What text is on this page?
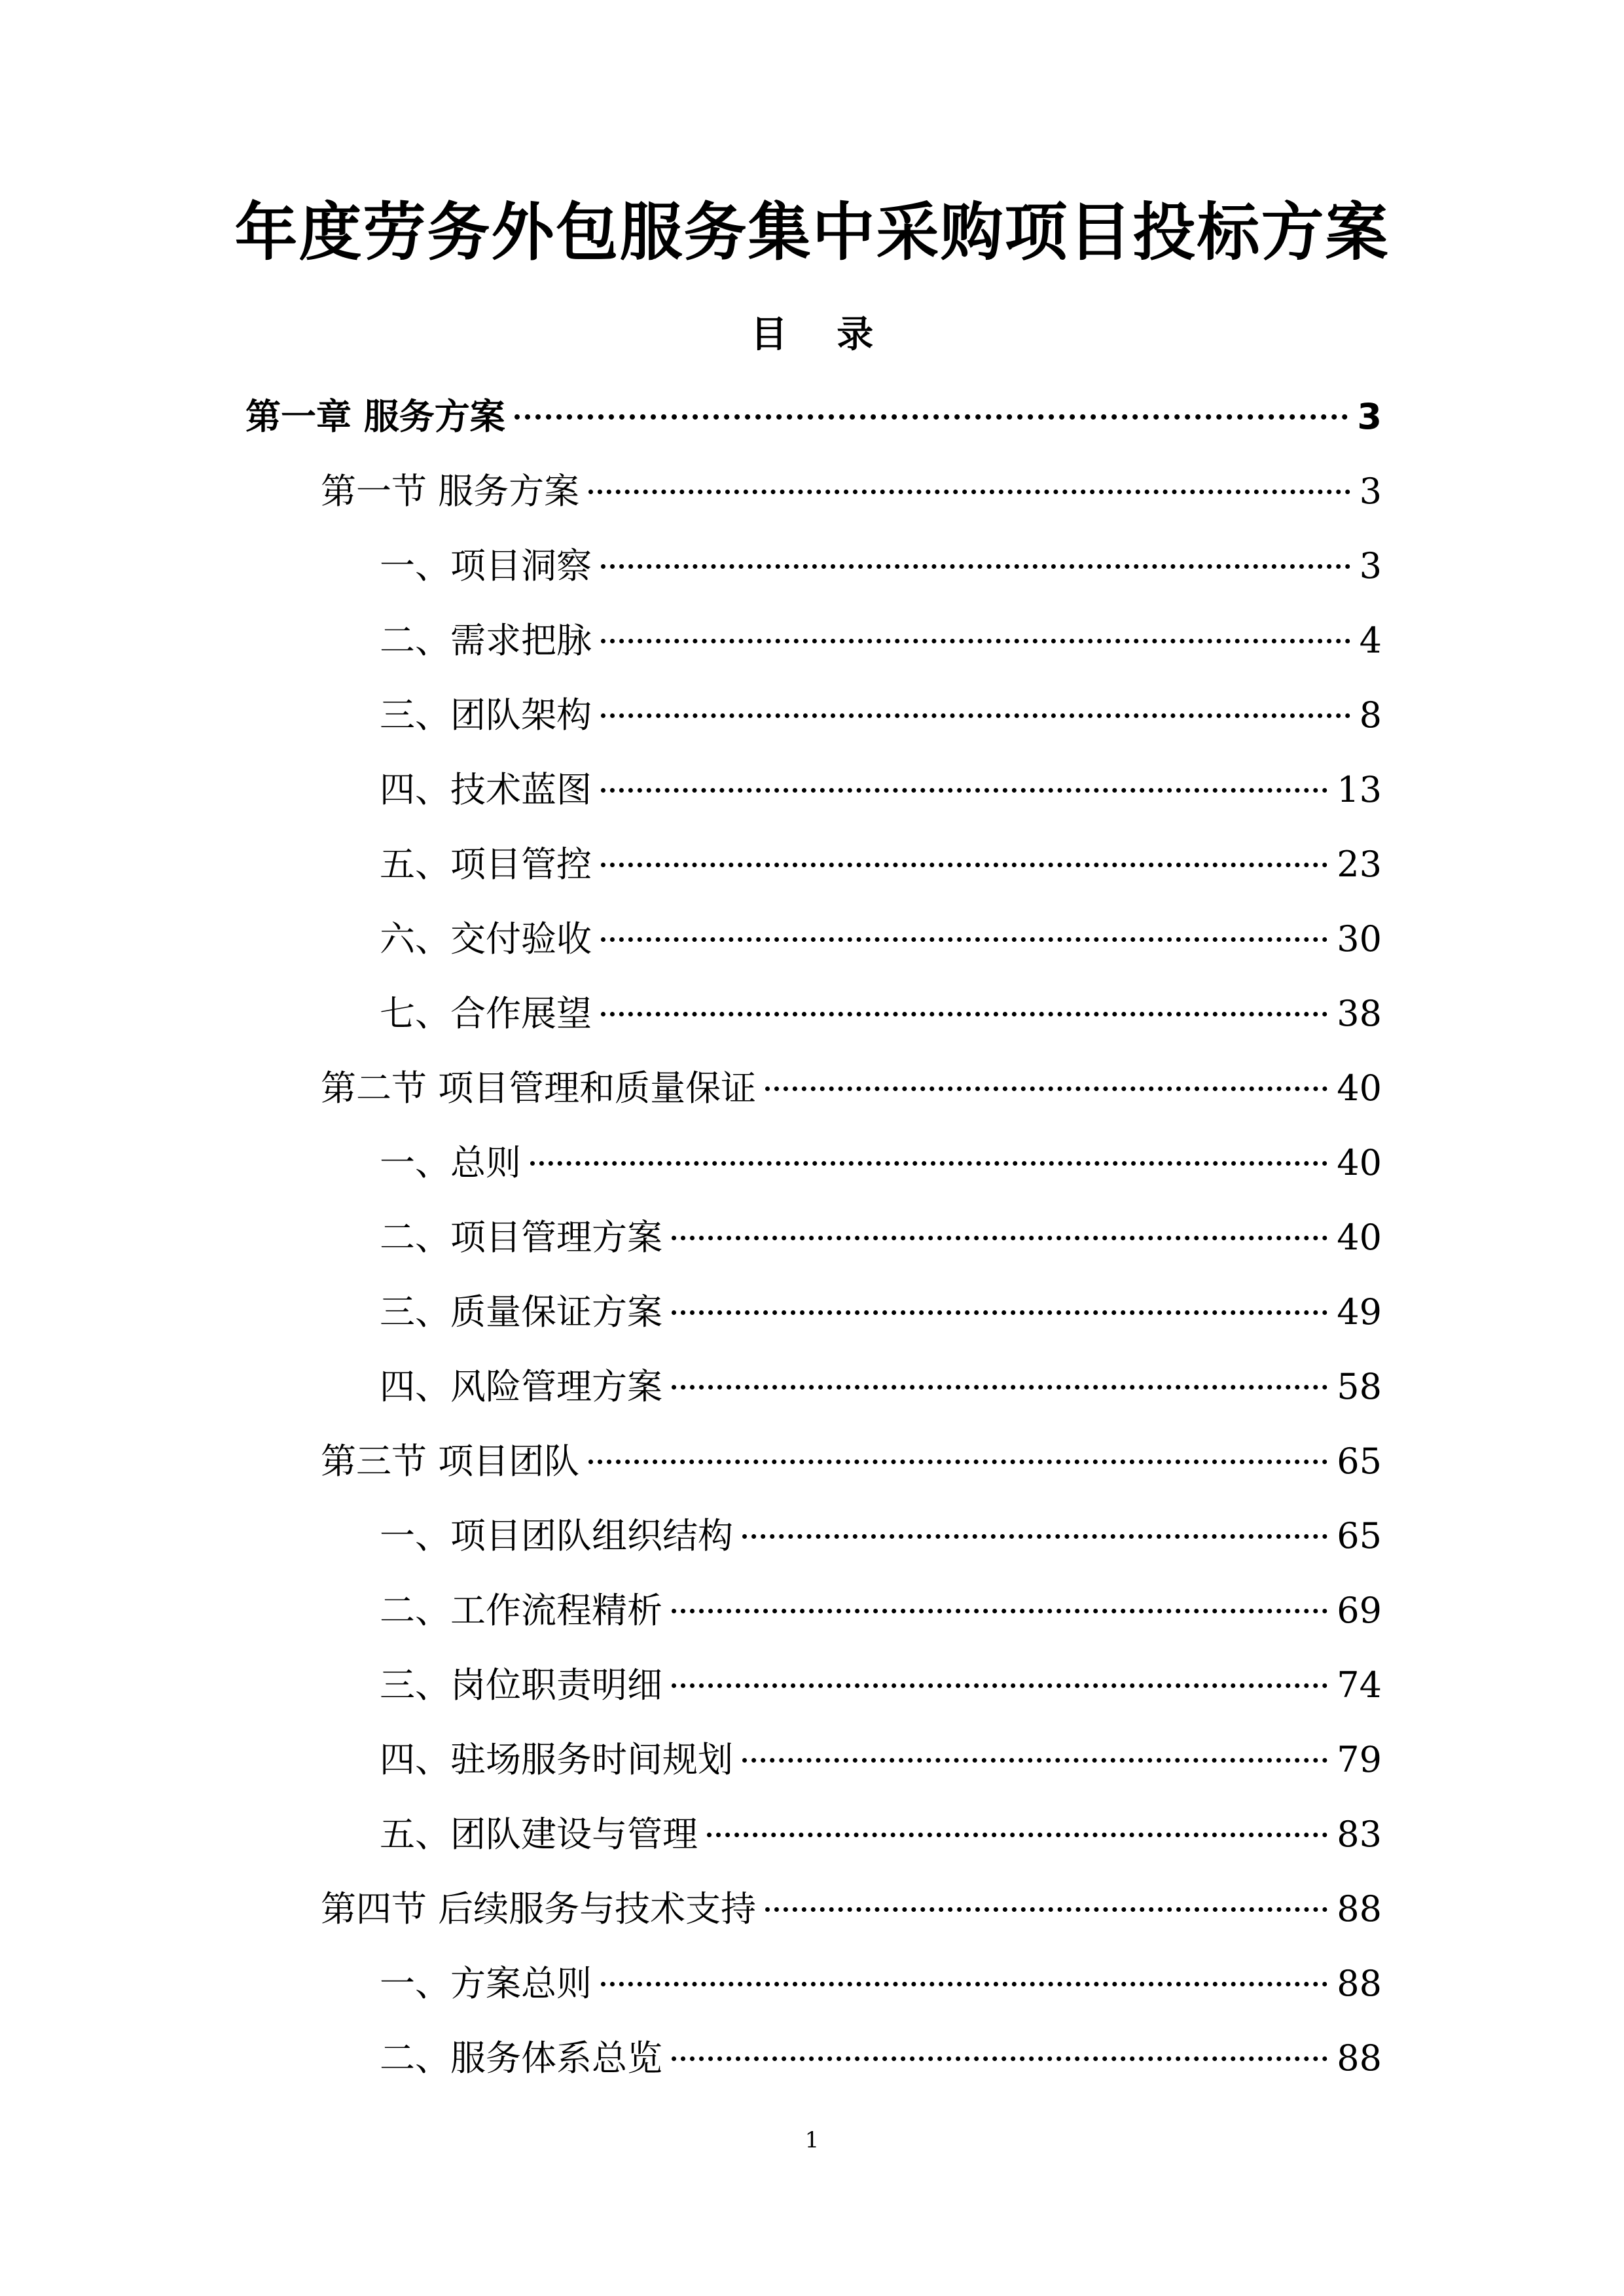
年度劳务外包服务集中采购项目投标方案
目 录
第一章 服务方案	3
第一节 服务方案	3
一、项目洞察	3
二、需求把脉	4
三、团队架构	8
四、技术蓝图	13
五、项目管控	23
六、交付验收	30
七、合作展望	38
第二节 项目管理和质量保证	40
一、总则	40
二、项目管理方案	40
三、质量保证方案	49
四、风险管理方案	58
第三节 项目团队	65
一、项目团队组织结构	65
二、工作流程精析	69
三、岗位职责明细	74
四、驻场服务时间规划	79
五、团队建设与管理	83
第四节 后续服务与技术支持	88
一、方案总则	88
二、服务体系总览	88
1
